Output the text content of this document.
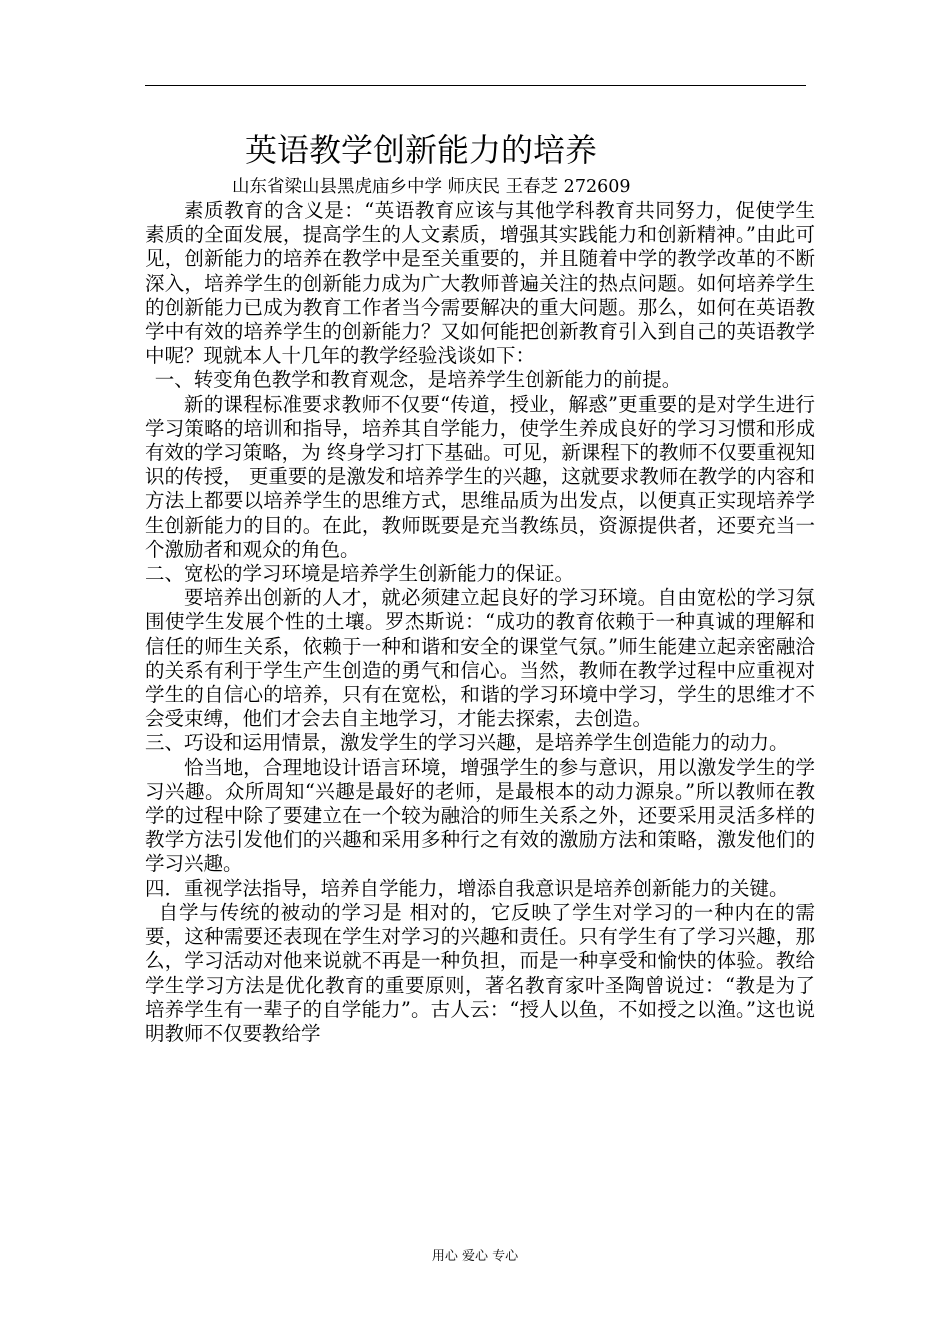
英语教学创新能力的培养
山东省梁山县黑虎庙乡中学 师庆民 王春芝 272609

素质教育的含义是：“英语教育应该与其他学科教育共同努力，促使学生素质的全面发展，提高学生的人文素质，增强其实践能力和创新精神。”由此可见，创新能力的培养在教学中是至关重要的，并且随着中学的教学改革的不断深入，培养学生的创新能力成为广大教师普遍关注的热点问题。如何培养学生的创新能力已成为教育工作者当今需要解决的重大问题。那么，如何在英语教学中有效的培养学生的创新能力？又如何能把创新教育引入到自己的英语教学中呢？现就本人十几年的教学经验浅谈如下：

一、转变角色教学和教育观念，是培养学生创新能力的前提。

新的课程标准要求教师不仅要“传道，授业，解惑”更重要的是对学生进行学习策略的培训和指导，培养其自学能力，使学生养成良好的学习习惯和形成有效的学习策略，为 终身学习打下基础。可见，新课程下的教师不仅要重视知识的传授， 更重要的是激发和培养学生的兴趣，这就要求教师在教学的内容和方法上都要以培养学生的思维方式，思维品质为出发点，以便真正实现培养学生创新能力的目的。在此，教师既要是充当教练员，资源提供者，还要充当一个激励者和观众的角色。

二、宽松的学习环境是培养学生创新能力的保证。

要培养出创新的人才，就必须建立起良好的学习环境。自由宽松的学习氛围使学生发展个性的土壤。罗杰斯说：“成功的教育依赖于一种真诚的理解和信任的师生关系，依赖于一种和谐和安全的课堂气氛。”师生能建立起亲密融洽的关系有利于学生产生创造的勇气和信心。当然，教师在教学过程中应重视对学生的自信心的培养，只有在宽松，和谐的学习环境中学习，学生的思维才不会受束缚，他们才会去自主地学习，才能去探索，去创造。

三、巧设和运用情景，激发学生的学习兴趣，是培养学生创造能力的动力。

恰当地，合理地设计语言环境，增强学生的参与意识，用以激发学生的学习兴趣。众所周知“兴趣是最好的老师，是最根本的动力源泉。”所以教师在教学的过程中除了要建立在一个较为融洽的师生关系之外，还要采用灵活多样的教学方法引发他们的兴趣和采用多种行之有效的激励方法和策略，激发他们的学习兴趣。

四．重视学法指导，培养自学能力，增添自我意识是培养创新能力的关键。

自学与传统的被动的学习是 相对的，它反映了学生对学习的一种内在的需要，这种需要还表现在学生对学习的兴趣和责任。只有学生有了学习兴趣，那么，学习活动对他来说就不再是一种负担，而是一种享受和愉快的体验。教给学生学习方法是优化教育的重要原则，著名教育家叶圣陶曾说过：“教是为了培养学生有一辈子的自学能力”。古人云：“授人以鱼，不如授之以渔。”这也说明教师不仅要教给学

用心 爱心 专心
